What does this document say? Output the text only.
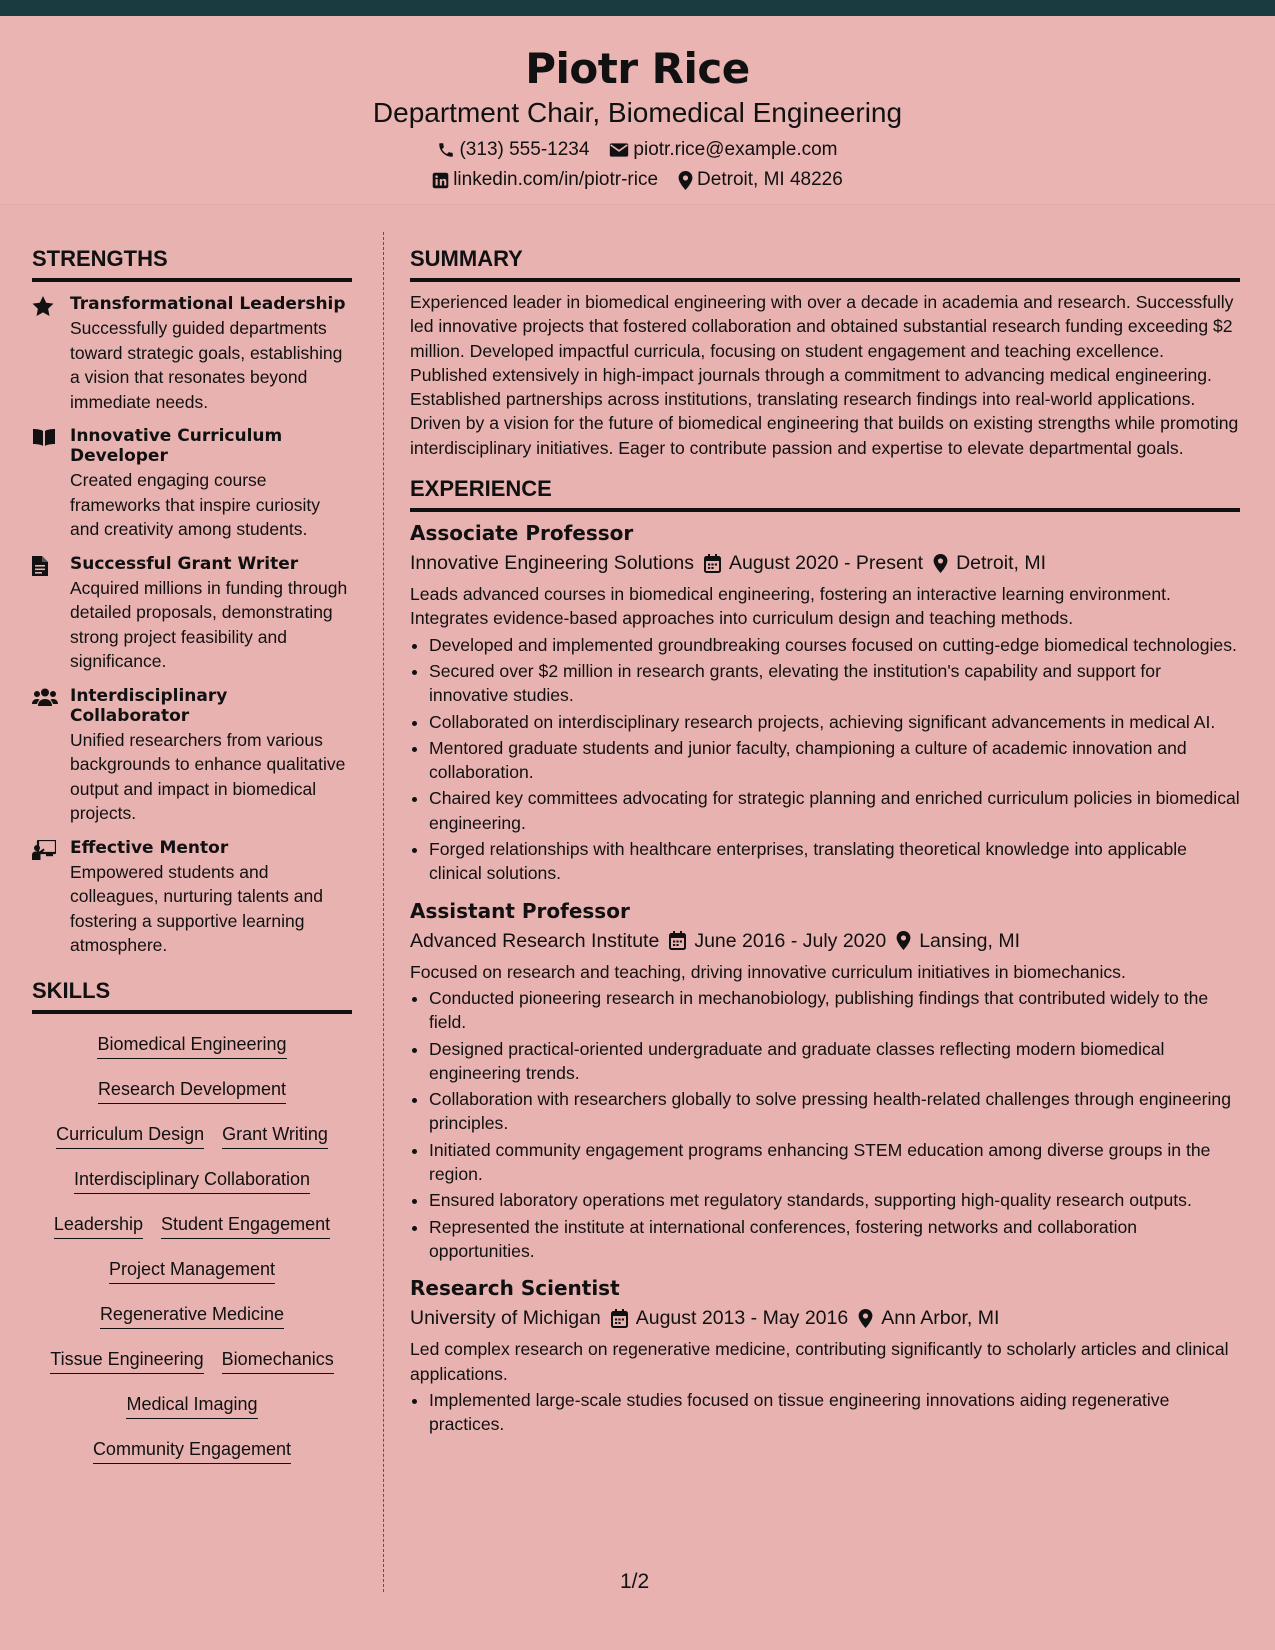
Piotr Rice
Department Chair, Biomedical Engineering
(313) 555-1234 piotr.rice@example.com
linkedin.com/in/piotr-rice Detroit, MI 48226
STRENGTHS
Transformational Leadership
Successfully guided departments toward strategic goals, establishing a vision that resonates beyond immediate needs.
Innovative Curriculum Developer
Created engaging course frameworks that inspire curiosity and creativity among students.
Successful Grant Writer
Acquired millions in funding through detailed proposals, demonstrating strong project feasibility and significance.
Interdisciplinary Collaborator
Unified researchers from various backgrounds to enhance qualitative output and impact in biomedical projects.
Effective Mentor
Empowered students and colleagues, nurturing talents and fostering a supportive learning atmosphere.
SKILLS
Biomedical Engineering
Research Development
Curriculum Design Grant Writing
Interdisciplinary Collaboration
Leadership Student Engagement
Project Management
Regenerative Medicine
Tissue Engineering Biomechanics
Medical Imaging
Community Engagement
SUMMARY
Experienced leader in biomedical engineering with over a decade in academia and research. Successfully led innovative projects that fostered collaboration and obtained substantial research funding exceeding $2 million. Developed impactful curricula, focusing on student engagement and teaching excellence. Published extensively in high-impact journals through a commitment to advancing medical engineering. Established partnerships across institutions, translating research findings into real-world applications. Driven by a vision for the future of biomedical engineering that builds on existing strengths while promoting interdisciplinary initiatives. Eager to contribute passion and expertise to elevate departmental goals.
EXPERIENCE
Associate Professor
Innovative Engineering Solutions August 2020 - Present Detroit, MI
Leads advanced courses in biomedical engineering, fostering an interactive learning environment. Integrates evidence-based approaches into curriculum design and teaching methods.
• Developed and implemented groundbreaking courses focused on cutting-edge biomedical technologies.
• Secured over $2 million in research grants, elevating the institution's capability and support for innovative studies.
• Collaborated on interdisciplinary research projects, achieving significant advancements in medical AI.
• Mentored graduate students and junior faculty, championing a culture of academic innovation and collaboration.
• Chaired key committees advocating for strategic planning and enriched curriculum policies in biomedical engineering.
• Forged relationships with healthcare enterprises, translating theoretical knowledge into applicable clinical solutions.
Assistant Professor
Advanced Research Institute June 2016 - July 2020 Lansing, MI
Focused on research and teaching, driving innovative curriculum initiatives in biomechanics.
• Conducted pioneering research in mechanobiology, publishing findings that contributed widely to the field.
• Designed practical-oriented undergraduate and graduate classes reflecting modern biomedical engineering trends.
• Collaboration with researchers globally to solve pressing health-related challenges through engineering principles.
• Initiated community engagement programs enhancing STEM education among diverse groups in the region.
• Ensured laboratory operations met regulatory standards, supporting high-quality research outputs.
• Represented the institute at international conferences, fostering networks and collaboration opportunities.
Research Scientist
University of Michigan August 2013 - May 2016 Ann Arbor, MI
Led complex research on regenerative medicine, contributing significantly to scholarly articles and clinical applications.
• Implemented large-scale studies focused on tissue engineering innovations aiding regenerative practices.
1/2
